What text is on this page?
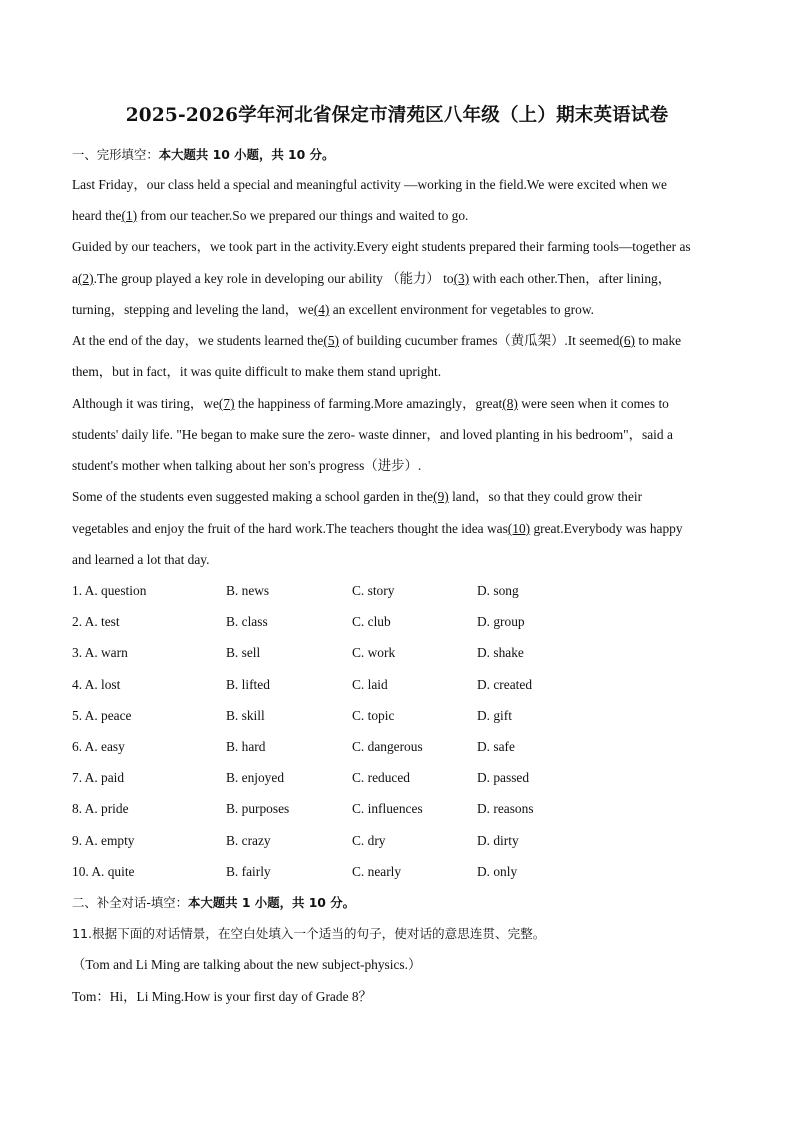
2025-2026学年河北省保定市清苑区八年级（上）期末英语试卷
一、完形填空：本大题共 10 小题，共 10 分。
Last Friday，our class held a special and meaningful activity —working in the field.We were excited when we
heard the(1) from our teacher.So we prepared our things and waited to go.
Guided by our teachers，we took part in the activity.Every eight students prepared their farming tools—together as
a(2).The group played a key role in developing our ability （能力） to(3) with each other.Then，after lining，
turning，stepping and leveling the land，we(4) an excellent environment for vegetables to grow.
At the end of the day，we students learned the(5) of building cucumber frames（黄瓜架）.It seemed(6) to make
them，but in fact，it was quite difficult to make them stand upright.
Although it was tiring，we(7) the happiness of farming.More amazingly，great(8) were seen when it comes to
students' daily life. "He began to make sure the zero- waste dinner，and loved planting in his bedroom"，said a
student's mother when talking about her son's progress（进步）.
Some of the students even suggested making a school garden in the(9) land，so that they could grow their
vegetables and enjoy the fruit of the hard work.The teachers thought the idea was(10) great.Everybody was happy
and learned a lot that day.
1. A. question	B. news	C. story	D. song
2. A. test	B. class	C. club	D. group
3. A. warn	B. sell	C. work	D. shake
4. A. lost	B. lifted	C. laid	D. created
5. A. peace	B. skill	C. topic	D. gift
6. A. easy	B. hard	C. dangerous	D. safe
7. A. paid	B. enjoyed	C. reduced	D. passed
8. A. pride	B. purposes	C. influences	D. reasons
9. A. empty	B. crazy	C. dry	D. dirty
10. A. quite	B. fairly	C. nearly	D. only
二、补全对话-填空：本大题共 1 小题，共 10 分。
11.根据下面的对话情景，在空白处填入一个适当的句子，使对话的意思连贯、完整。
（Tom and Li Ming are talking about the new subject-physics.）
Tom：Hi，Li Ming.How is your first day of Grade 8？
